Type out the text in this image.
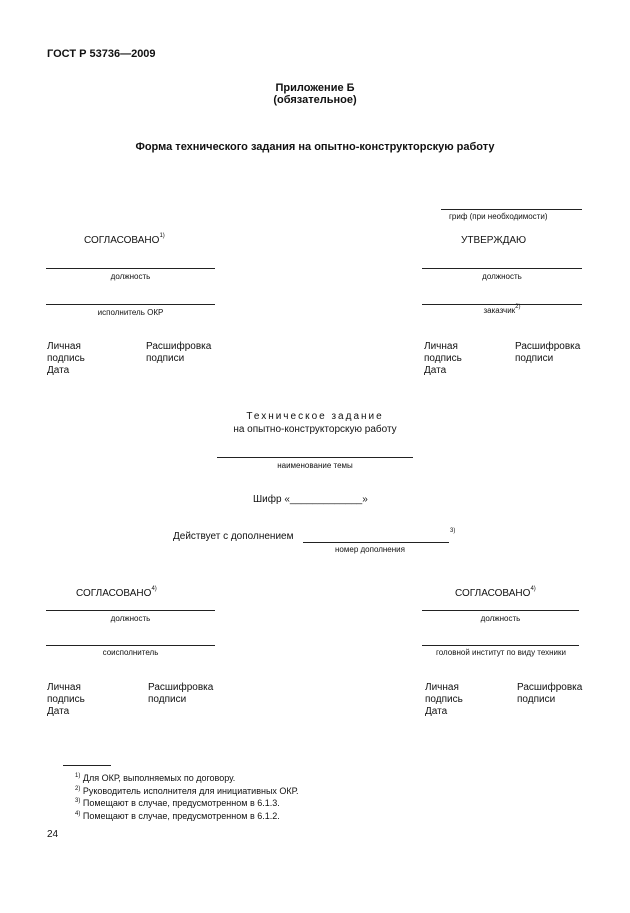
ГОСТ Р 53736—2009
Приложение Б
(обязательное)
Форма технического задания на опытно-конструкторскую работу
гриф (при необходимости)
СОГЛАСОВАНО$^{1)}$
должность
исполнитель ОКР
Личная
подпись
Дата
Расшифровка
подписи
УТВЕРЖДАЮ
должность
заказчик$^{2)}$
Личная
подпись
Дата
Расшифровка
подписи
Техническое задание
на опытно-конструкторскую работу
наименование темы
Шифр «_____________»
Действует с дополнением	3)
номер дополнения
СОГЛАСОВАНО$^{4)}$
должность
соисполнитель
Личная
подпись
Дата
Расшифровка
подписи
СОГЛАСОВАНО$^{4)}$
должность
головной институт по виду техники
Личная
подпись
Дата
Расшифровка
подписи
$^{1)}$ Для ОКР, выполняемых по договору.
$^{2)}$ Руководитель исполнителя для инициативных ОКР.
$^{3)}$ Помещают в случае, предусмотренном в 6.1.3.
$^{4)}$ Помещают в случае, предусмотренном в 6.1.2.
24
